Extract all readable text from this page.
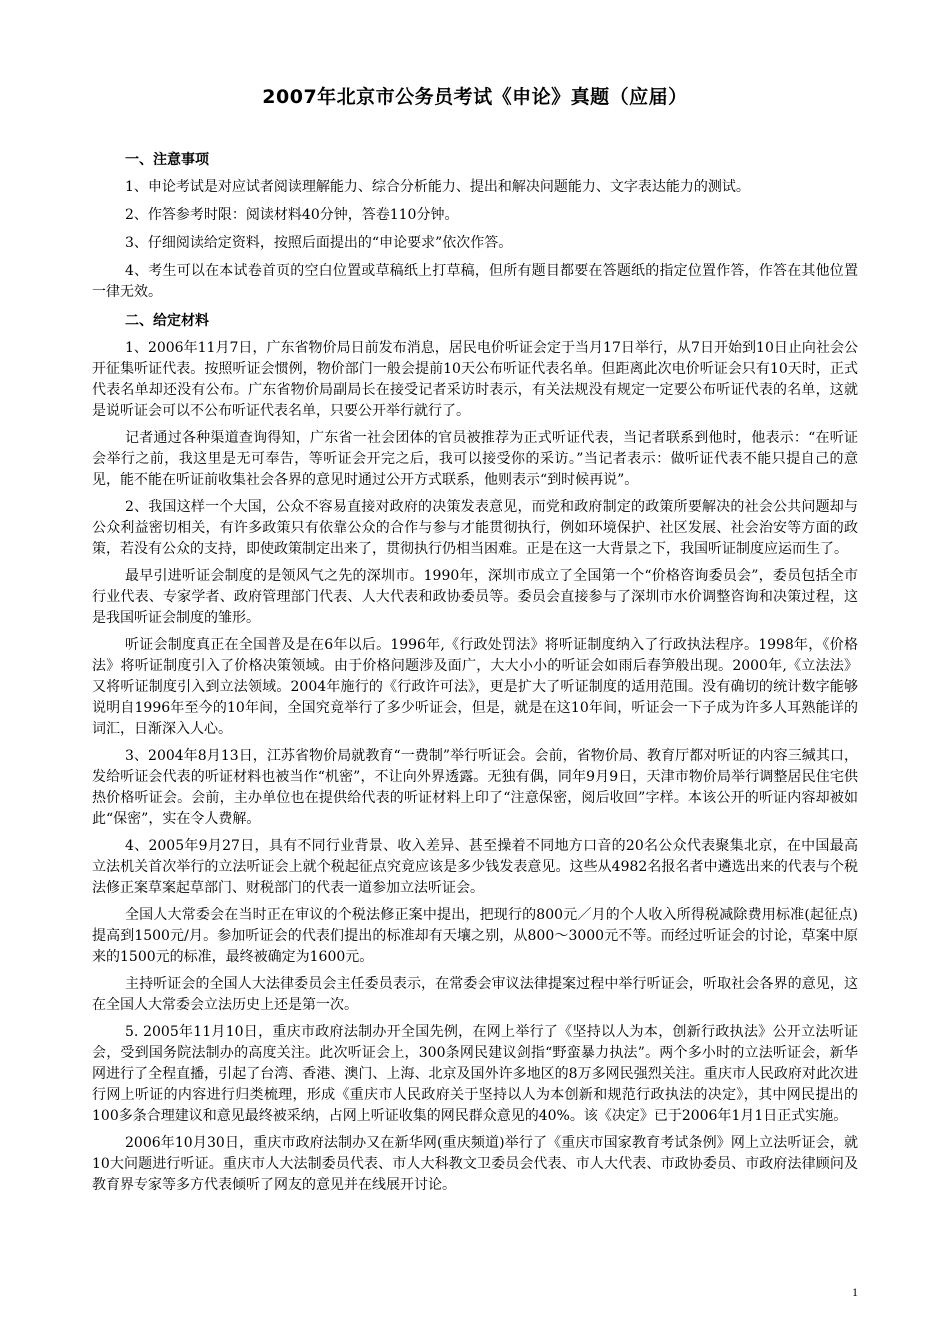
2007年北京市公务员考试《申论》真题（应届）
一、注意事项

1、申论考试是对应试者阅读理解能力、综合分析能力、提出和解决问题能力、文字表达能力的测试。

2、作答参考时限：阅读材料40分钟，答卷110分钟。

3、仔细阅读给定资料，按照后面提出的“申论要求”依次作答。

4、考生可以在本试卷首页的空白位置或草稿纸上打草稿，但所有题目都要在答题纸的指定位置作答，作答在其他位置一律无效。

二、给定材料

1、2006年11月7日，广东省物价局日前发布消息，居民电价听证会定于当月17日举行，从7日开始到10日止向社会公开征集听证代表。按照听证会惯例，物价部门一般会提前10天公布听证代表名单。但距离此次电价听证会只有10天时，正式代表名单却还没有公布。广东省物价局副局长在接受记者采访时表示，有关法规没有规定一定要公布听证代表的名单，这就是说听证会可以不公布听证代表名单，只要公开举行就行了。

记者通过各种渠道查询得知，广东省一社会团体的官员被推荐为正式听证代表，当记者联系到他时，他表示：“在听证会举行之前，我这里是无可奉告，等听证会开完之后，我可以接受你的采访。”当记者表示：做听证代表不能只提自己的意见，能不能在听证前收集社会各界的意见时通过公开方式联系，他则表示“到时候再说”。

2、我国这样一个大国，公众不容易直接对政府的决策发表意见，而党和政府制定的政策所要解决的社会公共问题却与公众利益密切相关，有许多政策只有依靠公众的合作与参与才能贯彻执行，例如环境保护、社区发展、社会治安等方面的政策，若没有公众的支持，即使政策制定出来了，贯彻执行仍相当困难。正是在这一大背景之下，我国听证制度应运而生了。

最早引进听证会制度的是领风气之先的深圳市。1990年，深圳市成立了全国第一个“价格咨询委员会”，委员包括全市行业代表、专家学者、政府管理部门代表、人大代表和政协委员等。委员会直接参与了深圳市水价调整咨询和决策过程，这是我国听证会制度的雏形。

听证会制度真正在全国普及是在6年以后。1996年,《行政处罚法》将听证制度纳入了行政执法程序。1998年，《价格法》将听证制度引入了价格决策领域。由于价格问题涉及面广，大大小小的听证会如雨后春笋般出现。2000年,《立法法》又将听证制度引入到立法领域。2004年施行的《行政许可法》，更是扩大了听证制度的适用范围。没有确切的统计数字能够说明自1996年至今的10年间，全国究竟举行了多少听证会，但是，就是在这10年间，听证会一下子成为许多人耳熟能详的词汇，日渐深入人心。

3、2004年8月13日，江苏省物价局就教育“一费制”举行听证会。会前，省物价局、教育厅都对听证的内容三缄其口，发给听证会代表的听证材料也被当作“机密”，不让向外界透露。无独有偶，同年9月9日，天津市物价局举行调整居民住宅供热价格听证会。会前，主办单位也在提供给代表的听证材料上印了“注意保密，阅后收回”字样。本该公开的听证内容却被如此“保密”，实在令人费解。

4、2005年9月27日，具有不同行业背景、收入差异、甚至操着不同地方口音的20名公众代表聚集北京，在中国最高立法机关首次举行的立法听证会上就个税起征点究竟应该是多少钱发表意见。这些从4982名报名者中遴选出来的代表与个税法修正案草案起草部门、财税部门的代表一道参加立法听证会。

全国人大常委会在当时正在审议的个税法修正案中提出，把现行的800元／月的个人收入所得税减除费用标准(起征点)提高到1500元/月。参加听证会的代表们提出的标准却有天壤之别，从800～3000元不等。而经过听证会的讨论，草案中原来的1500元的标准，最终被确定为1600元。

主持听证会的全国人大法律委员会主任委员表示，在常委会审议法律提案过程中举行听证会，听取社会各界的意见，这在全国人大常委会立法历史上还是第一次。

5. 2005年11月10日，重庆市政府法制办开全国先例，在网上举行了《坚持以人为本，创新行政执法》公开立法听证会，受到国务院法制办的高度关注。此次听证会上，300条网民建议剑指“野蛮暴力执法”。两个多小时的立法听证会，新华网进行了全程直播，引起了台湾、香港、澳门、上海、北京及国外许多地区的8万多网民强烈关注。重庆市人民政府对此次进行网上听证的内容进行归类梳理，形成《重庆市人民政府关于坚持以人为本创新和规范行政执法的决定》，其中网民提出的100多条合理建议和意见最终被采纳，占网上听证收集的网民群众意见的40%。该《决定》已于2006年1月1日正式实施。

2006年10月30日，重庆市政府法制办又在新华网(重庆频道)举行了《重庆市国家教育考试条例》网上立法听证会，就10大问题进行听证。重庆市人大法制委员代表、市人大科教文卫委员会代表、市人大代表、市政协委员、市政府法律顾问及教育界专家等多方代表倾听了网友的意见并在线展开讨论。

1
